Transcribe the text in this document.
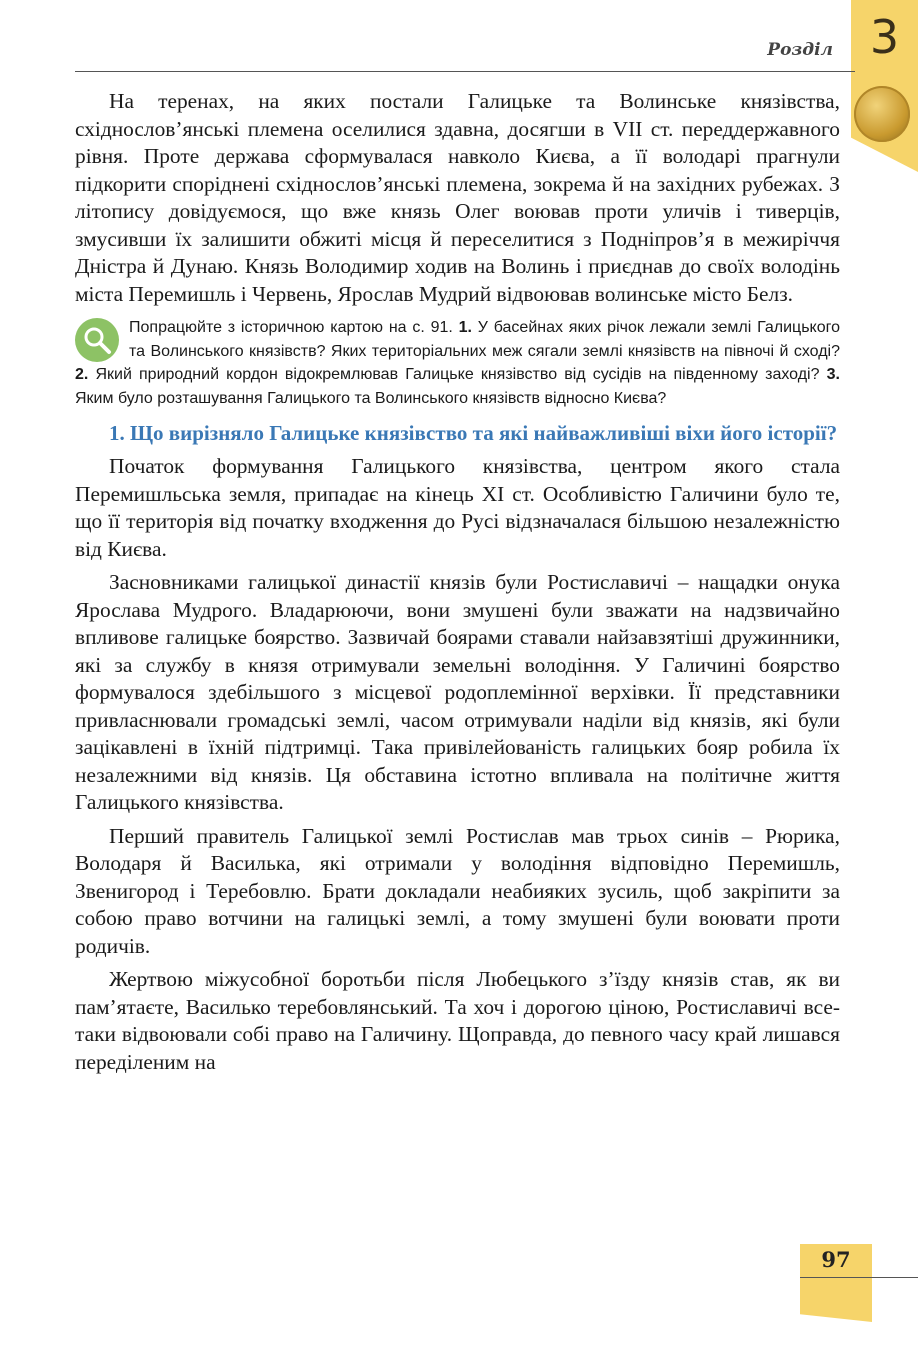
3
Розділ

На теренах, на яких постали Галицьке та Волинське князівства, східнослов’янські племена оселилися здавна, досягши в VII ст. переддержавного рівня. Проте держава сформувалася навколо Києва, а її володарі прагнули підкорити споріднені східнослов’янські племена, зокрема й на західних рубежах. З літопису довідуємося, що вже князь Олег воював проти уличів і тиверців, змусивши їх залишити обжиті місця й переселитися з Подніпров’я в межиріччя Дністра й Дунаю. Князь Володимир ходив на Волинь і приєднав до своїх володінь міста Перемишль і Червень, Ярослав Мудрий відвоював волинське місто Белз.

Попрацюйте з історичною картою на с. 91. 1. У басейнах яких річок лежали землі Галицького та Волинського князівств? Яких територіальних меж сягали землі князівств на півночі й сході? 2. Який природний кордон відокремлював Галицьке князівство від сусідів на південному заході? 3. Яким було розташування Галицького та Волинського князівств відносно Києва?
1. Що вирізняло Галицьке князівство та які найважливіші віхи його історії?

Початок формування Галицького князівства, центром якого стала Перемишльська земля, припадає на кінець XI ст. Особливістю Галичини було те, що її територія від початку входження до Русі відзначалася більшою незалежністю від Києва.

Засновниками галицької династії князів були Ростиславичі – нащадки онука Ярослава Мудрого. Владарюючи, вони змушені були зважати на надзвичайно впливове галицьке боярство. Зазвичай боярами ставали найзавзятіші дружинники, які за службу в князя отримували земельні володіння. У Галичині боярство формувалося здебільшого з місцевої родоплемінної верхівки. Її представники привласнювали громадські землі, часом отримували наділи від князів, які були зацікавлені в їхній підтримці. Така привілейованість галицьких бояр робила їх незалежними від князів. Ця обставина істотно впливала на політичне життя Галицького князівства.

Перший правитель Галицької землі Ростислав мав трьох синів – Рюрика, Володаря й Василька, які отримали у володіння відповідно Перемишль, Звенигород і Теребовлю. Брати докладали неабияких зусиль, щоб закріпити за собою право вотчини на галицькі землі, а тому змушені були воювати проти родичів.

Жертвою міжусобної боротьби після Любецького з’їзду князів став, як ви пам’ятаєте, Василько теребовлянський. Та хоч і дорогою ціною, Ростиславичі все-таки відвоювали собі право на Галичину. Щоправда, до певного часу край лишався переділеним на

97
